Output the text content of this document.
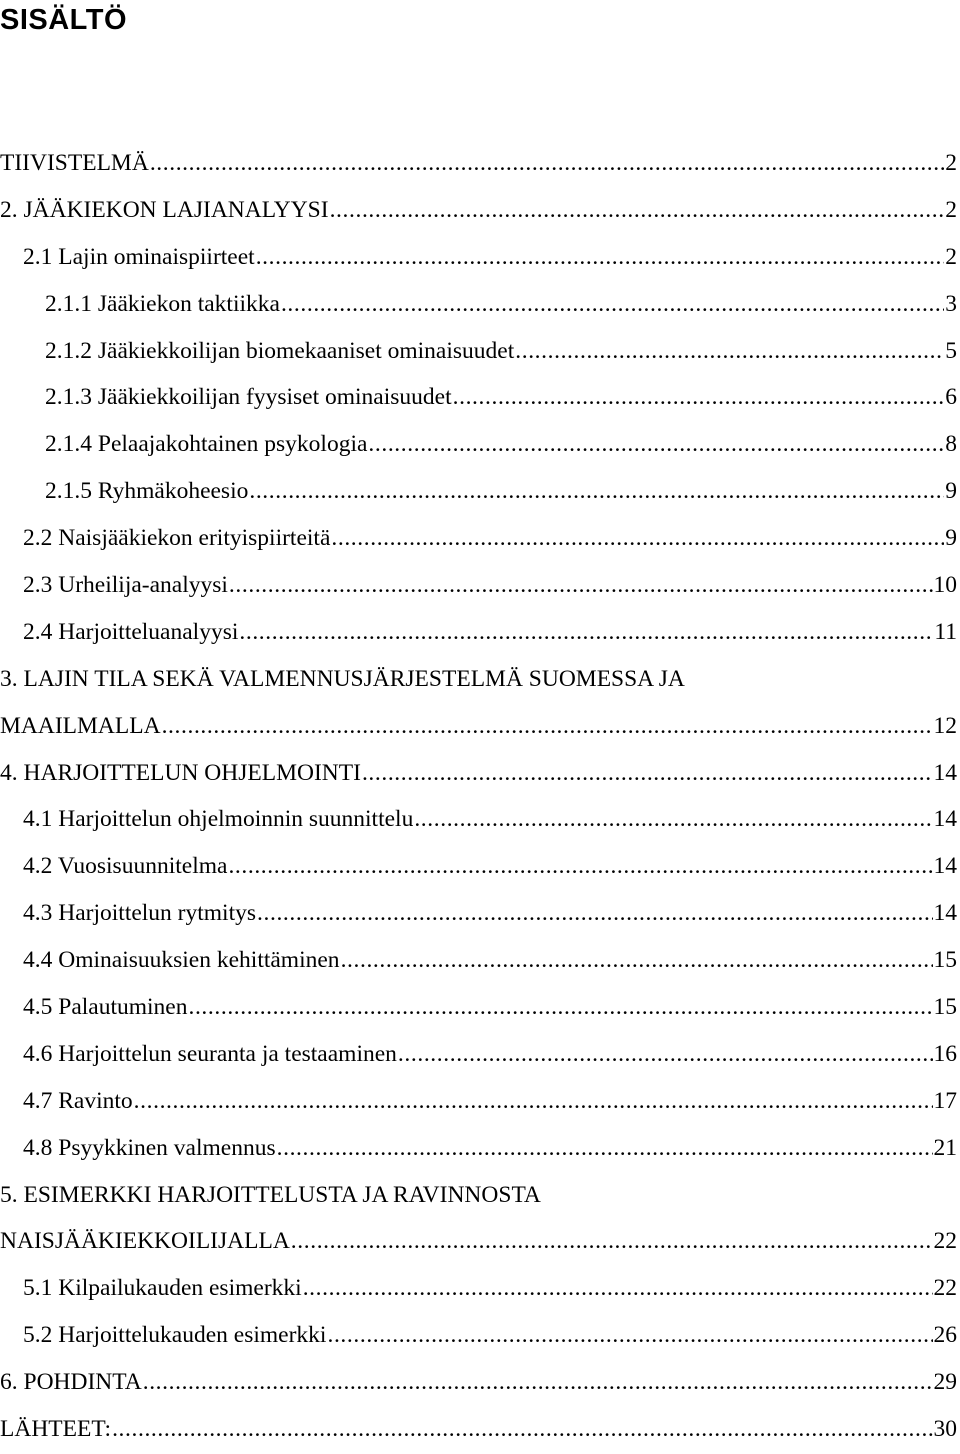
SISÄLTÖ
TIIVISTELMÄ .....	2
2. JÄÄKIEKON LAJIANALYYSI .....	2
2.1 Lajin ominaispiirteet .....	2
2.1.1 Jääkiekon taktiikka .....	3
2.1.2 Jääkiekkoilijan biomekaaniset ominaisuudet .....	5
2.1.3 Jääkiekkoilijan fyysiset ominaisuudet .....	6
2.1.4 Pelaajakohtainen psykologia .....	8
2.1.5 Ryhmäkoheesio .....	9
2.2 Naisjääkiekon erityispiirteitä .....	9
2.3 Urheilija-analyysi .....	10
2.4 Harjoitteluanalyysi .....	11
3. LAJIN TILA SEKÄ VALMENNUSJÄRJESTELMÄ SUOMESSA JA
MAAILMALLA .....	12
4. HARJOITTELUN OHJELMOINTI .....	14
4.1 Harjoittelun ohjelmoinnin suunnittelu .....	14
4.2 Vuosisuunnitelma .....	14
4.3 Harjoittelun rytmitys .....	14
4.4 Ominaisuuksien kehittäminen .....	15
4.5 Palautuminen .....	15
4.6 Harjoittelun seuranta ja testaaminen .....	16
4.7 Ravinto .....	17
4.8 Psyykkinen valmennus .....	21
5. ESIMERKKI HARJOITTELUSTA JA RAVINNOSTA
NAISJÄÄKIEKKOILIJALLA .....	22
5.1 Kilpailukauden esimerkki .....	22
5.2 Harjoittelukauden esimerkki .....	26
6. POHDINTA .....	29
LÄHTEET: .....	30
